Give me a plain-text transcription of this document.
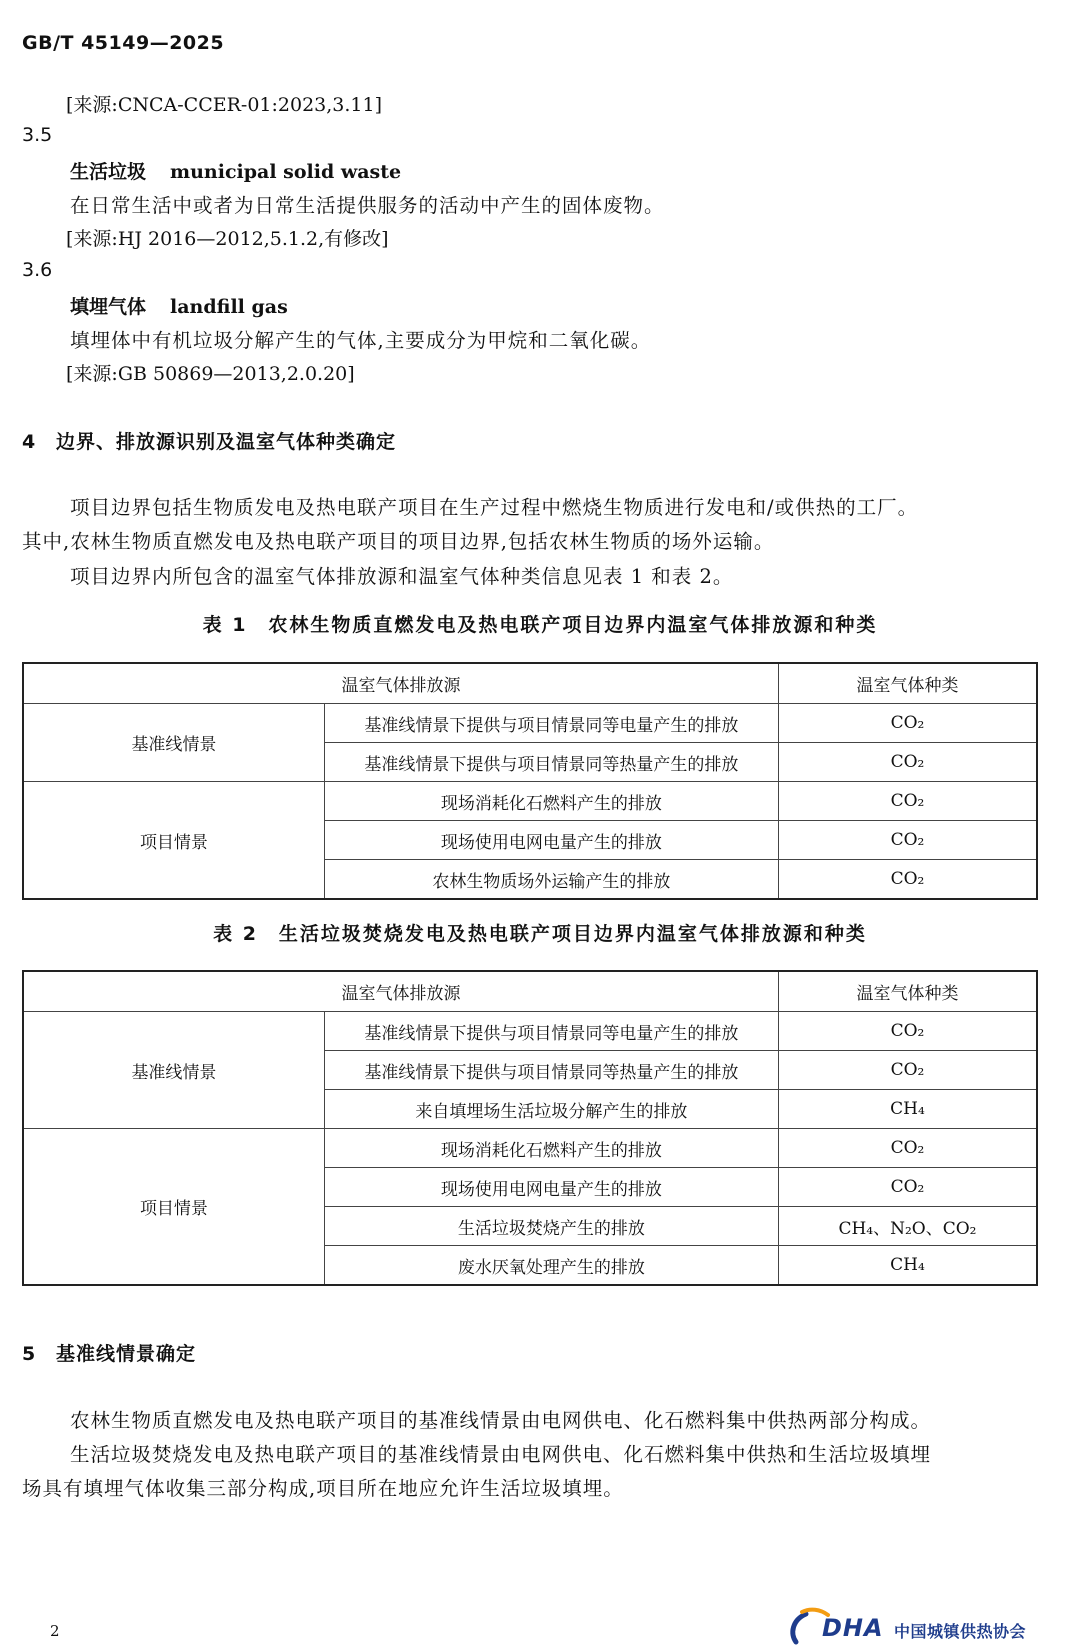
GB/T 45149—2025
[来源:CNCA-CCER-01:2023,3.11]
3.5
生活垃圾 municipal solid waste
在日常生活中或者为日常生活提供服务的活动中产生的固体废物。
[来源:HJ 2016—2012,5.1.2,有修改]
3.6
填埋气体 landfill gas
填埋体中有机垃圾分解产生的气体,主要成分为甲烷和二氧化碳。
[来源:GB 50869—2013,2.0.20]
4 边界、排放源识别及温室气体种类确定
项目边界包括生物质发电及热电联产项目在生产过程中燃烧生物质进行发电和/或供热的工厂。
其中,农林生物质直燃发电及热电联产项目的项目边界,包括农林生物质的场外运输。
项目边界内所包含的温室气体排放源和温室气体种类信息见表 1 和表 2。
表 1　农林生物质直燃发电及热电联产项目边界内温室气体排放源和种类
温室气体排放源		温室气体种类
基准线情景	基准线情景下提供与项目情景同等电量产生的排放	CO₂
	基准线情景下提供与项目情景同等热量产生的排放	CO₂
项目情景	现场消耗化石燃料产生的排放	CO₂
	现场使用电网电量产生的排放	CO₂
	农林生物质场外运输产生的排放	CO₂
表 2　生活垃圾焚烧发电及热电联产项目边界内温室气体排放源和种类
温室气体排放源		温室气体种类
基准线情景	基准线情景下提供与项目情景同等电量产生的排放	CO₂
	基准线情景下提供与项目情景同等热量产生的排放	CO₂
	来自填埋场生活垃圾分解产生的排放	CH₄
项目情景	现场消耗化石燃料产生的排放	CO₂
	现场使用电网电量产生的排放	CO₂
	生活垃圾焚烧产生的排放	CH₄、N₂O、CO₂
	废水厌氧处理产生的排放	CH₄
5 基准线情景确定
农林生物质直燃发电及热电联产项目的基准线情景由电网供电、化石燃料集中供热两部分构成。
生活垃圾焚烧发电及热电联产项目的基准线情景由电网供电、化石燃料集中供热和生活垃圾填埋
场具有填埋气体收集三部分构成,项目所在地应允许生活垃圾填埋。
2	DHA 中国城镇供热协会
